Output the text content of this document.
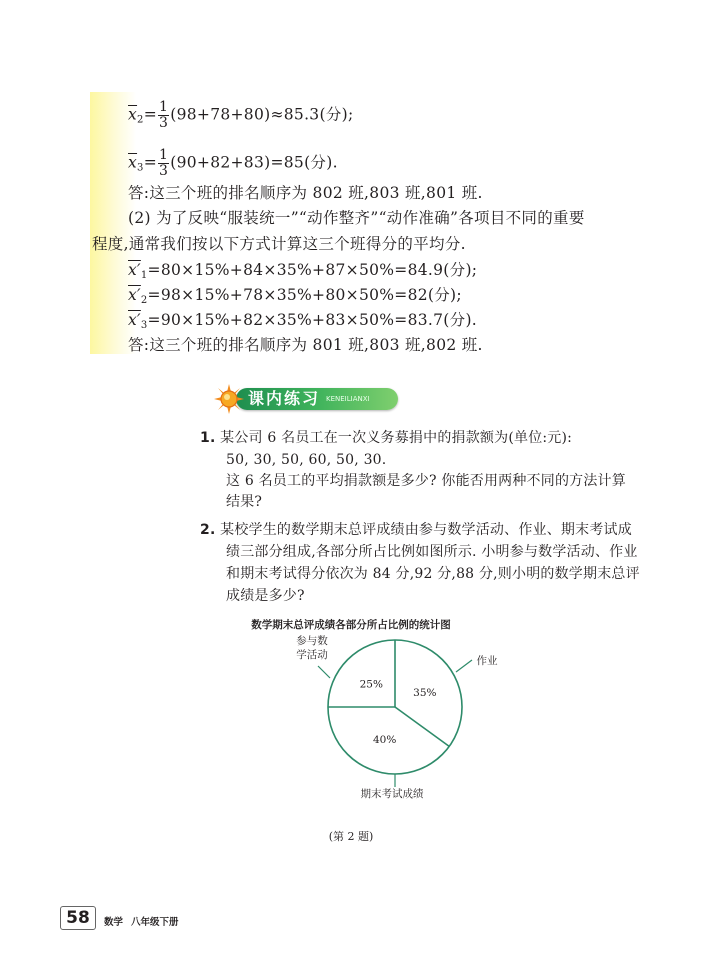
$\overline{x}_2= \frac{1}{3} (98+78+80)\approx 85.3$(分);
$\overline{x}_3= \frac{1}{3} (90+82+83)=85$(分).
答:这三个班的排名顺序为 802 班,803 班,801 班.
(2) 为了反映“服装统一”“动作整齐”“动作准确”各项目不同的重要
程度,通常我们按以下方式计算这三个班得分的平均分.
$x'_1=80\times 15\%+84\times 35\%+87\times 50\%=84.9$(分);
$x'_2=98\times 15\%+78\times 35\%+80\times 50\%=82$(分);
$x'_3=90\times 15\%+82\times 35\%+83\times 50\%=83.7$(分).
答:这三个班的排名顺序为 801 班,803 班,802 班.
课内练习 KENEILIANXI
1. 某公司 6 名员工在一次义务募捐中的捐款额为(单位:元):
50, 30, 50, 60, 50, 30.
这 6 名员工的平均捐款额是多少? 你能否用两种不同的方法计算
结果?
2. 某校学生的数学期末总评成绩由参与数学活动、作业、期末考试成
绩三部分组成,各部分所占比例如图所示. 小明参与数学活动、作业
和期末考试得分依次为 84 分,92 分,88 分,则小明的数学期末总评
成绩是多少?
数学期末总评成绩各部分所占比例的统计图
25%
35%
40%
参与数
学活动	作业
期末考试成绩
(第 2 题)
58	数学 八年级下册
